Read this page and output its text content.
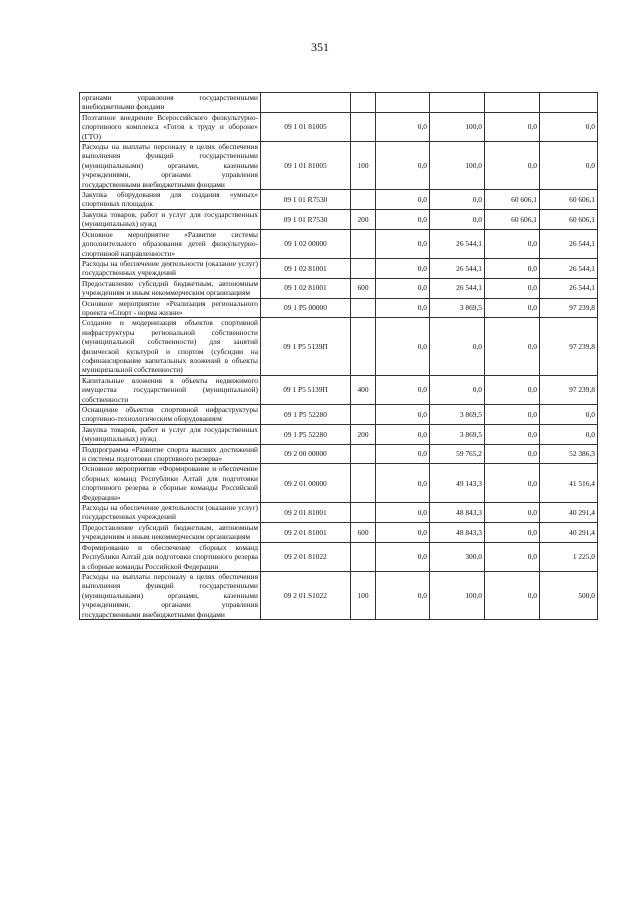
351
органами управления государственными внебюджетными фондами						
Поэтапное внедрение Всероссийского физкультурно-спортивного комплекса «Готов к труду и обороне» (ГТО)	09 1 01 81005		0,0	100,0	0,0	0,0
Расходы на выплаты персоналу в целях обеспечения выполнения функций государственными (муниципальными) органами, казенными учреждениями, органами управления государственными внебюджетными фондами	09 1 01 81005	100	0,0	100,0	0,0	0,0
Закупка оборудования для создания «умных» спортивных площадок	09 1 01 R7530		0,0	0,0	60 606,1	60 606,1
Закупка товаров, работ и услуг для государственных (муниципальных) нужд	09 1 01 R7530	200	0,0	0,0	60 606,1	60 606,1
Основное мероприятие «Развитие системы дополнительного образования детей физкультурно-спортивной направленности»	09 1 02 00000		0,0	26 544,1	0,0	26 544,1
Расходы на обеспечение деятельности (оказание услуг) государственных учреждений	09 1 02 81001		0,0	26 544,1	0,0	26 544,1
Предоставление субсидий бюджетным, автономным учреждениям и иным некоммерческим организациям	09 1 02 81001	600	0,0	26 544,1	0,0	26 544,1
Основное мероприятие «Реализация регионального проекта «Спорт - норма жизни»	09 1 P5 00000		0,0	3 869,5	0,0	97 239,8
Создание и модернизация объектов спортивной инфраструктуры региональной собственности (муниципальной собственности) для занятий физической культурой и спортом (субсидии на софинансирование капитальных вложений в объекты муниципальной собственности)	09 1 P5 5139П		0,0	0,0	0,0	97 239,8
Капитальные вложения в объекты недвижимого имущества государственной (муниципальной) собственности	09 1 P5 5139П	400	0,0	0,0	0,0	97 239,8
Оснащение объектов спортивной инфраструктуры спортивно-технологическим оборудованием	09 1 P5 52280		0,0	3 869,5	0,0	0,0
Закупка товаров, работ и услуг для государственных (муниципальных) нужд	09 1 P5 52280	200	0,0	3 869,5	0,0	0,0
Подпрограмма «Развитие спорта высших достижений и системы подготовки спортивного резерва»	09 2 00 00000		0,0	59 765,2	0,0	52 386,3
Основное мероприятие «Формирование и обеспечение сборных команд Республики Алтай для подготовки спортивного резерва в сборные команды Российской Федерации»	09 2 01 00000		0,0	49 143,3	0,0	41 516,4
Расходы на обеспечение деятельности (оказание услуг) государственных учреждений	09 2 01 81001		0,0	48 843,3	0,0	40 291,4
Предоставление субсидий бюджетным, автономным учреждениям и иным некоммерческим организациям	09 2 01 81001	600	0,0	48 843,3	0,0	40 291,4
Формирование и обеспечение сборных команд Республики Алтай для подготовки спортивного резерва в сборные команды Российской Федерации	09 2 01 81022		0,0	300,0	0,0	1 225,0
Расходы на выплаты персоналу в целях обеспечения выполнения функций государственными (муниципальными) органами, казенными учреждениями, органами управления государственными внебюджетными фондами	09 2 01 S1022	100	0,0	100,0	0,0	500,0
